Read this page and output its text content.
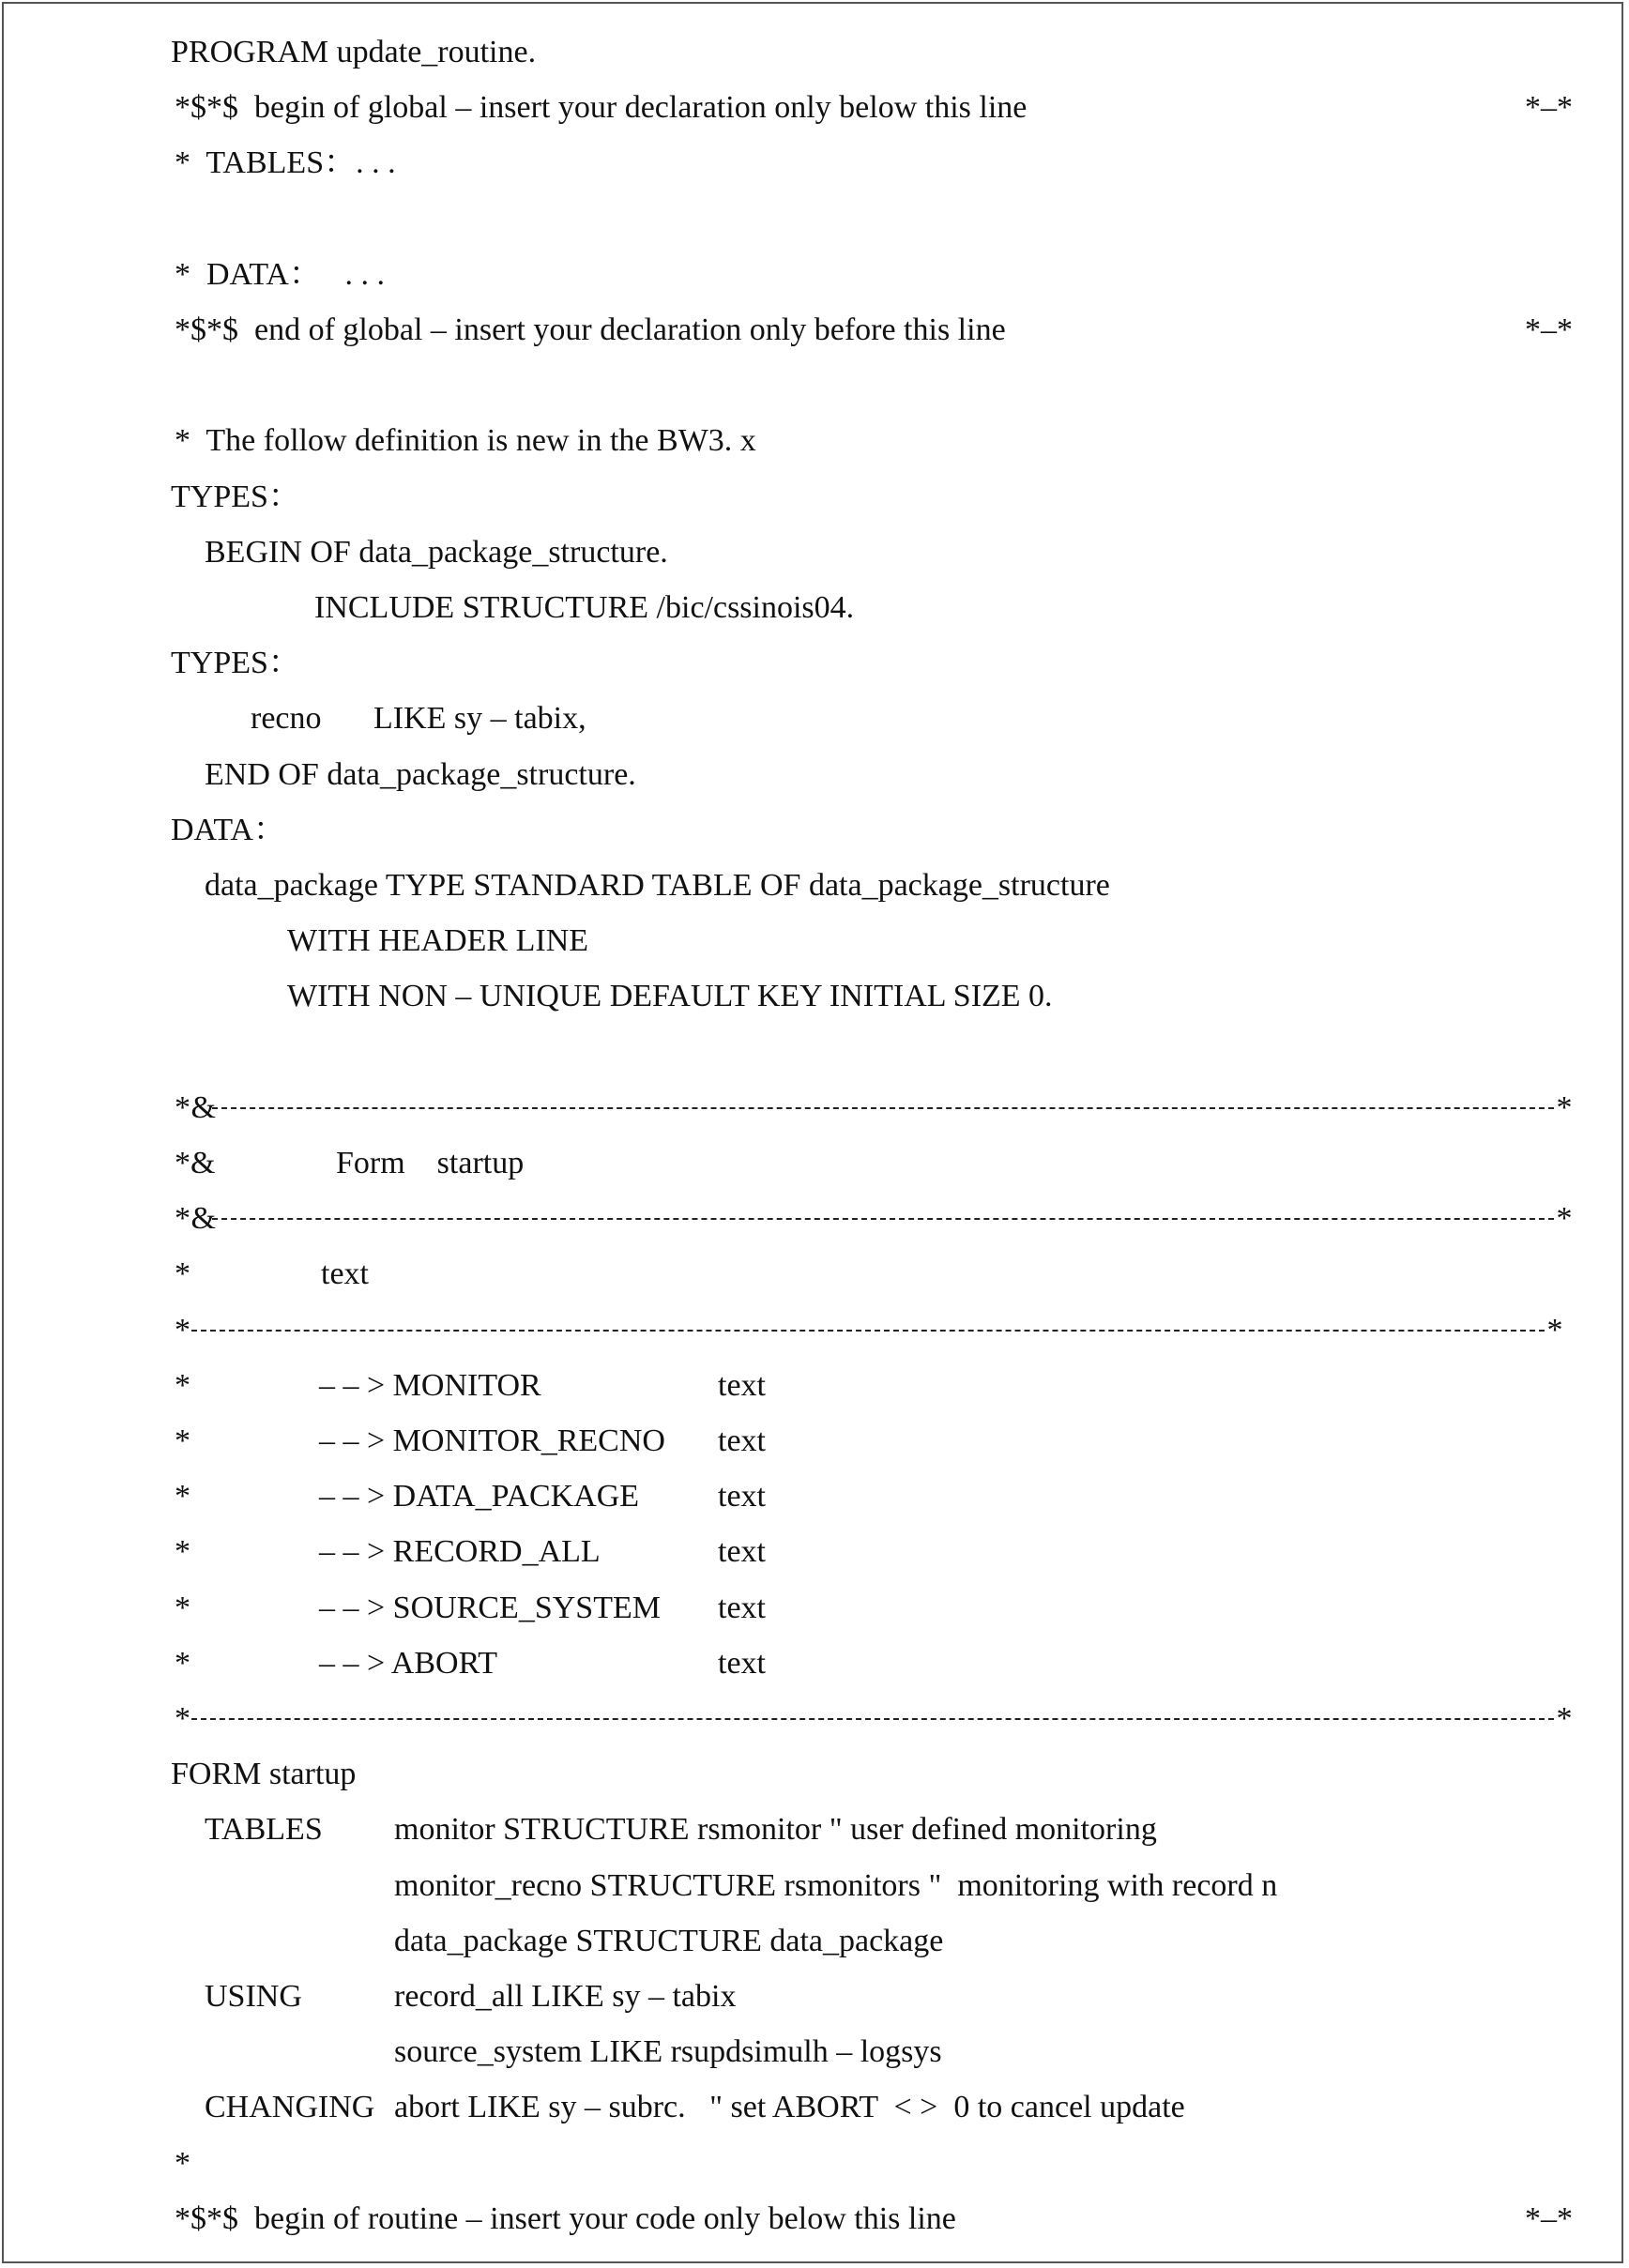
PROGRAM update_routine.
*$*$  begin of global – insert your declaration only below this line	*–*
*  TABLES：. . .
*  DATA：   . . .
*$*$  end of global – insert your declaration only before this line	*–*
*  The follow definition is new in the BW3. x
TYPES：
BEGIN OF data_package_structure.
INCLUDE STRUCTURE /bic/cssinois04.
TYPES：
recno LIKE sy – tabix,
END OF data_package_structure.
DATA：
data_package TYPE STANDARD TABLE OF data_package_structure
WITH HEADER LINE
WITH NON – UNIQUE DEFAULT KEY INITIAL SIZE 0.
*&	*
*&	Form    startup
*&	*
*	text
*	*
*	– – > MONITOR	text
*	– – > MONITOR_RECNO text
*	– – > DATA_PACKAGE text
*	– – > RECORD_ALL	text
*	– – > SOURCE_SYSTEM text
*	– – > ABORT	text
*	*
FORM startup
TABLES monitor STRUCTURE rsmonitor " user defined monitoring
monitor_recno STRUCTURE rsmonitors "  monitoring with record n
data_package STRUCTURE data_package
USING	record_all LIKE sy – tabix
source_system LIKE rsupdsimulh – logsys
CHANGING abort LIKE sy – subrc.   " set ABORT  < >  0 to cancel update
*
*$*$  begin of routine – insert your code only below this line	*–*
